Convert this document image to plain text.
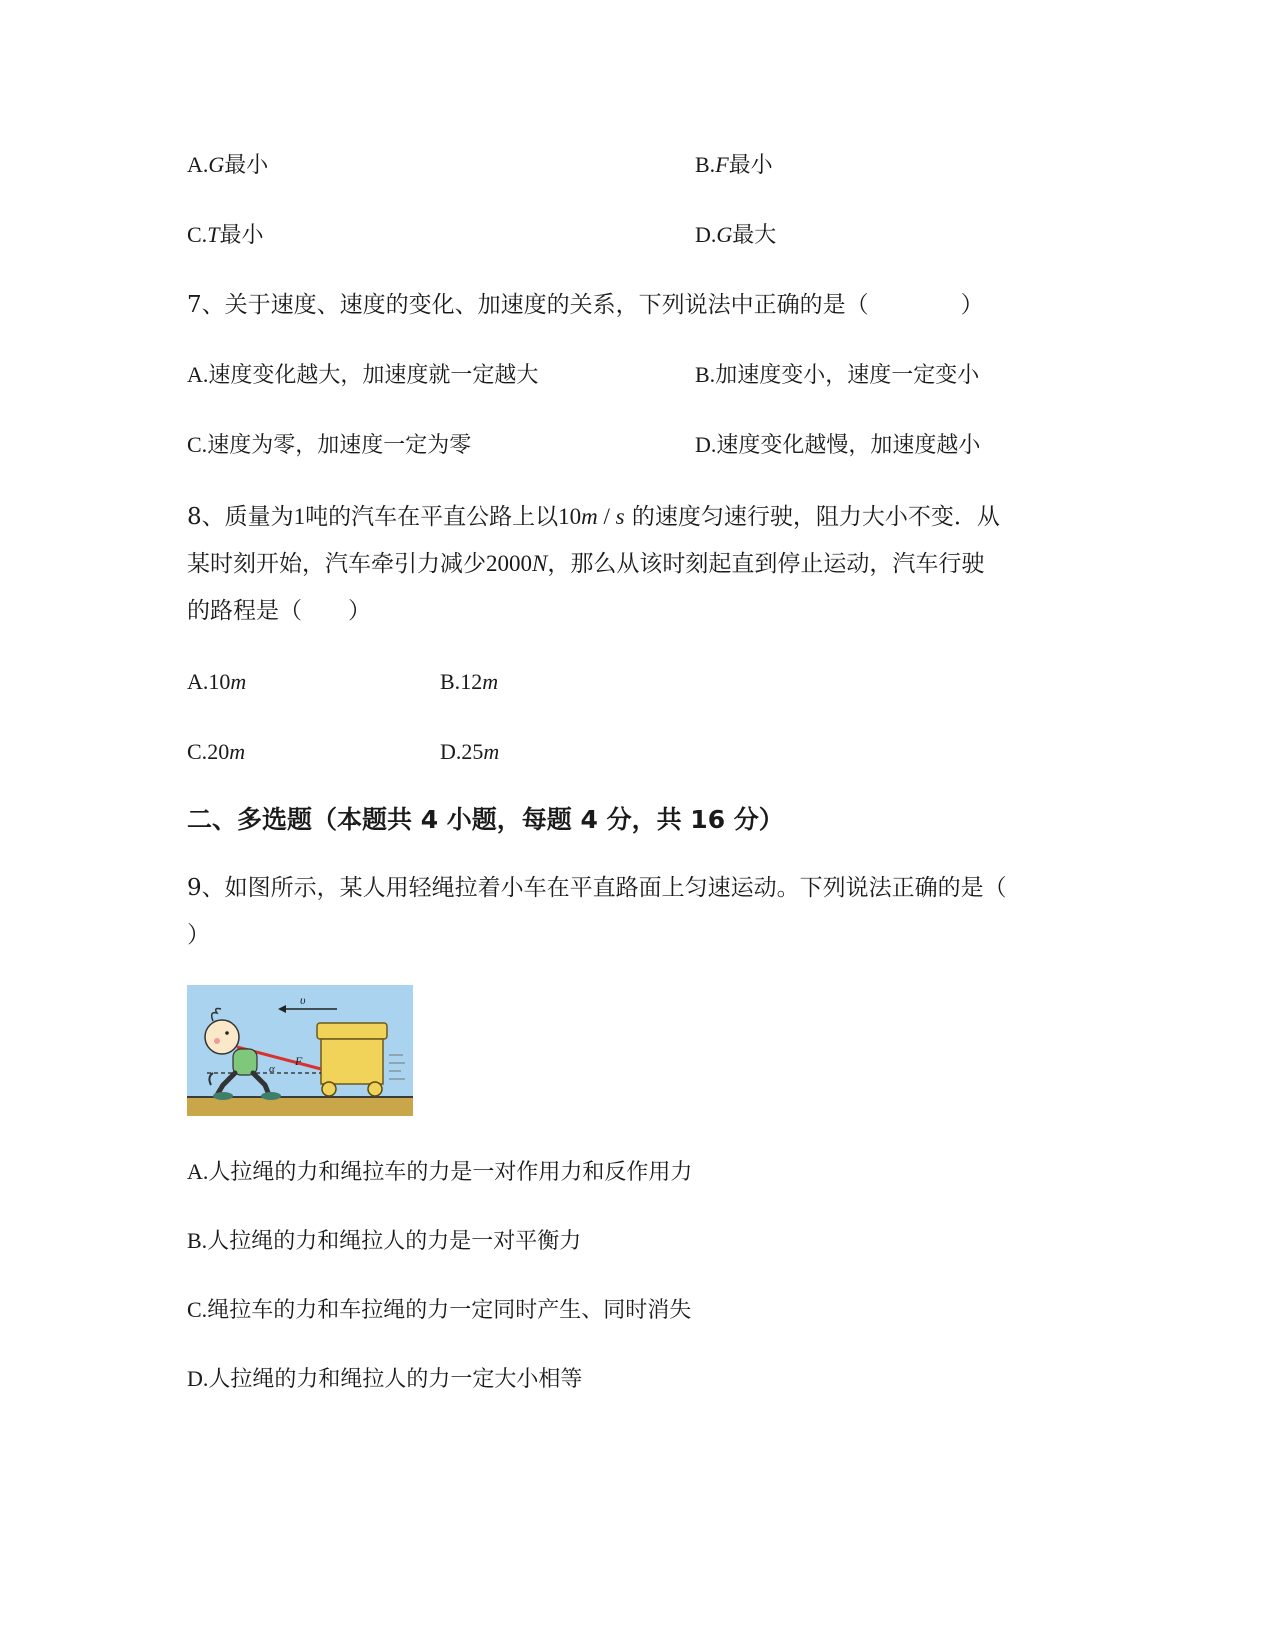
A.G最小	B.F最小
C.T最小	D.G最大
7、关于速度、速度的变化、加速度的关系，下列说法中正确的是（　　　　）
A.速度变化越大，加速度就一定越大	B.加速度变小，速度一定变小
C.速度为零，加速度一定为零	D.速度变化越慢，加速度越小
8、质量为1吨的汽车在平直公路上以10m / s 的速度匀速行驶，阻力大小不变．从
某时刻开始，汽车牵引力减少2000N，那么从该时刻起直到停止运动，汽车行驶
的路程是（　　）
A.10m	B.12m
C.20m	D.25m
二、多选题（本题共 4 小题，每题 4 分，共 16 分）
9、如图所示，某人用轻绳拉着小车在平直路面上匀速运动。下列说法正确的是（
）
υ
F
α
A.人拉绳的力和绳拉车的力是一对作用力和反作用力
B.人拉绳的力和绳拉人的力是一对平衡力
C.绳拉车的力和车拉绳的力一定同时产生、同时消失
D.人拉绳的力和绳拉人的力一定大小相等
